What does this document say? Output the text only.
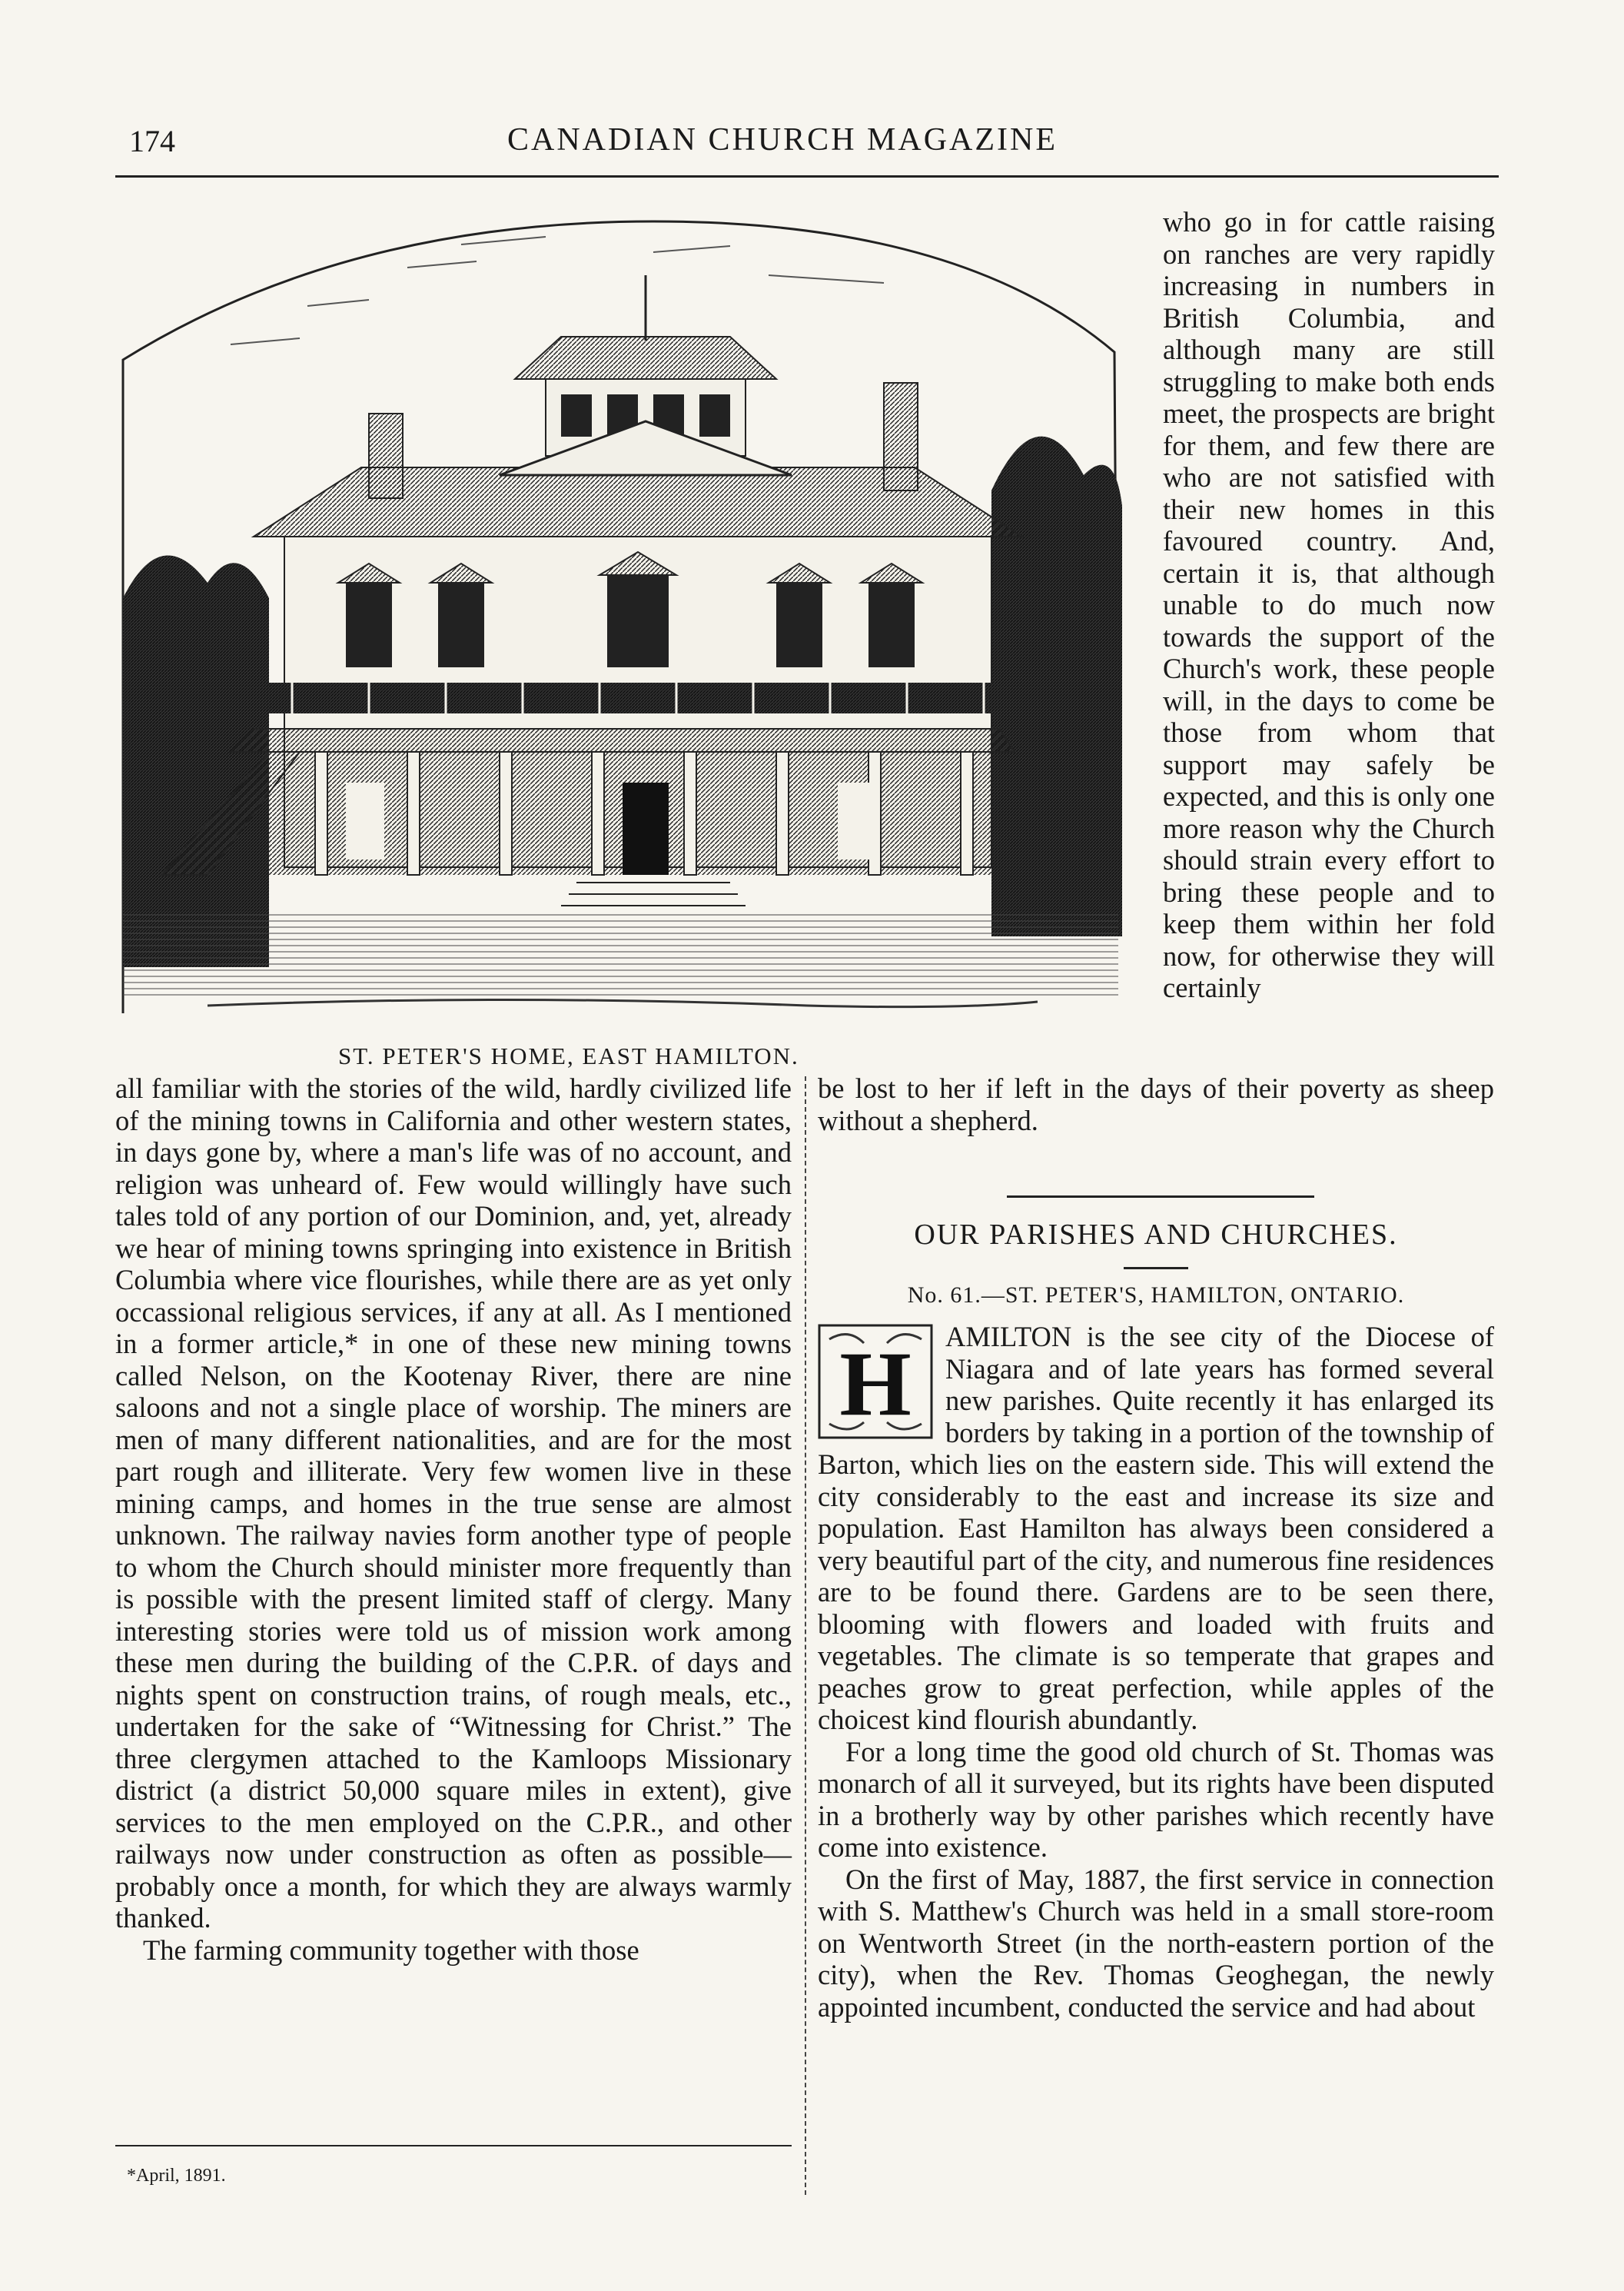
174	CANADIAN CHURCH MAGAZINE
ST. PETER'S HOME, EAST HAMILTON.

who go in for cattle raising on ranches are very rapidly increasing in numbers in British Columbia, and although many are still struggling to make both ends meet, the prospects are bright for them, and few there are who are not satisfied with their new homes in this favoured country. And, certain it is, that although unable to do much now towards the support of the Church's work, these people will, in the days to come be those from whom that support may safely be expected, and this is only one more reason why the Church should strain every effort to bring these people and to keep them within her fold now, for otherwise they will certainly

all familiar with the stories of the wild, hardly civilized life of the mining towns in California and other western states, in days gone by, where a man's life was of no account, and religion was unheard of. Few would willingly have such tales told of any portion of our Dominion, and, yet, already we hear of mining towns springing into existence in British Columbia where vice flourishes, while there are as yet only occassional religious services, if any at all. As I mentioned in a former article,* in one of these new mining towns called Nelson, on the Kootenay River, there are nine saloons and not a single place of worship. The miners are men of many different nationalities, and are for the most part rough and illiterate. Very few women live in these mining camps, and homes in the true sense are almost unknown. The railway navies form another type of people to whom the Church should minister more frequently than is possible with the present limited staff of clergy. Many interesting stories were told us of mission work among these men during the building of the C.P.R. of days and nights spent on construction trains, of rough meals, etc., undertaken for the sake of “Witnessing for Christ.” The three clergymen attached to the Kamloops Missionary district (a district 50,000 square miles in extent), give services to the men employed on the C.P.R., and other railways now under construction as often as possible—probably once a month, for which they are always warmly thanked.

The farming community together with those

be lost to her if left in the days of their poverty as sheep without a shepherd.

OUR PARISHES AND CHURCHES.
No. 61.—ST. PETER'S, HAMILTON, ONTARIO.

H AMILTON is the see city of the Diocese of Niagara and of late years has formed several new parishes. Quite recently it has enlarged its borders by taking in a portion of the township of Barton, which lies on the eastern side. This will extend the city considerably to the east and increase its size and population. East Hamilton has always been considered a very beautiful part of the city, and numerous fine residences are to be found there. Gardens are to be seen there, blooming with flowers and loaded with fruits and vegetables. The climate is so temperate that grapes and peaches grow to great perfection, while apples of the choicest kind flourish abundantly.

For a long time the good old church of St. Thomas was monarch of all it surveyed, but its rights have been disputed in a brotherly way by other parishes which recently have come into existence.

On the first of May, 1887, the first service in connection with S. Matthew's Church was held in a small store-room on Wentworth Street (in the north-eastern portion of the city), when the Rev. Thomas Geoghegan, the newly appointed incumbent, conducted the service and had about

*April, 1891.
